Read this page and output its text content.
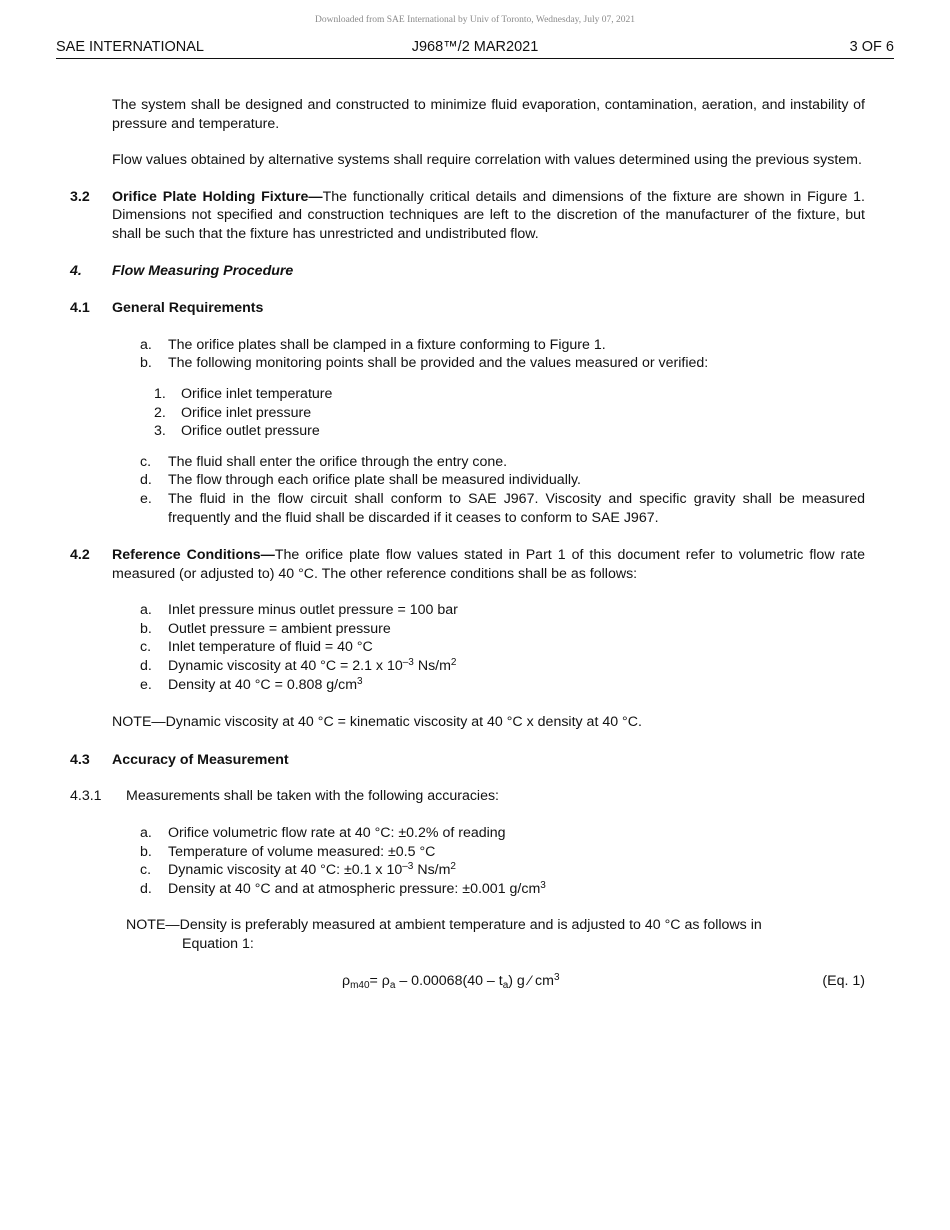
Downloaded from SAE International by Univ of Toronto, Wednesday, July 07, 2021
SAE INTERNATIONAL	J968™/2 MAR2021	3 OF 6

The system shall be designed and constructed to minimize fluid evaporation, contamination, aeration, and instability of pressure and temperature.

Flow values obtained by alternative systems shall require correlation with values determined using the previous system.

3.2	Orifice Plate Holding Fixture—The functionally critical details and dimensions of the fixture are shown in Figure 1. Dimensions not specified and construction techniques are left to the discretion of the manufacturer of the fixture, but shall be such that the fixture has unrestricted and undistributed flow.
4.	Flow Measuring Procedure
4.1	General Requirements
a.	The orifice plates shall be clamped in a fixture conforming to Figure 1.
b.	The following monitoring points shall be provided and the values measured or verified:
1.	Orifice inlet temperature
2.	Orifice inlet pressure
3.	Orifice outlet pressure
c.	The fluid shall enter the orifice through the entry cone.
d.	The flow through each orifice plate shall be measured individually.
e.	The fluid in the flow circuit shall conform to SAE J967. Viscosity and specific gravity shall be measured frequently and the fluid shall be discarded if it ceases to conform to SAE J967.
4.2	Reference Conditions—The orifice plate flow values stated in Part 1 of this document refer to volumetric flow rate measured (or adjusted to) 40 °C. The other reference conditions shall be as follows:
a.	Inlet pressure minus outlet pressure = 100 bar
b.	Outlet pressure = ambient pressure
c.	Inlet temperature of fluid = 40 °C
d.	Dynamic viscosity at 40 °C = 2.1 x $10^{-3}$ $Ns/m^2$
e.	Density at 40 °C = 0.808 $g/cm^3$

NOTE—Dynamic viscosity at 40 °C = kinematic viscosity at 40 °C x density at 40 °C.

4.3	Accuracy of Measurement
4.3.1	Measurements shall be taken with the following accuracies:
a.	Orifice volumetric flow rate at 40 °C: ±0.2% of reading
b.	Temperature of volume measured: ±0.5 °C
c.	Dynamic viscosity at 40 °C: ±0.1 x $10^{-3}$ $Ns/m^2$
d.	Density at 40 °C and at atmospheric pressure: ±0.001 $g/cm^3$
NOTE—Density is preferably measured at ambient temperature and is adjusted to 40 °C as follows in
Equation 1:
$\rho_{m40}= \rho_a - 0.00068(40 - t_a)$ g ⁄ $cm^3$	(Eq. 1)
